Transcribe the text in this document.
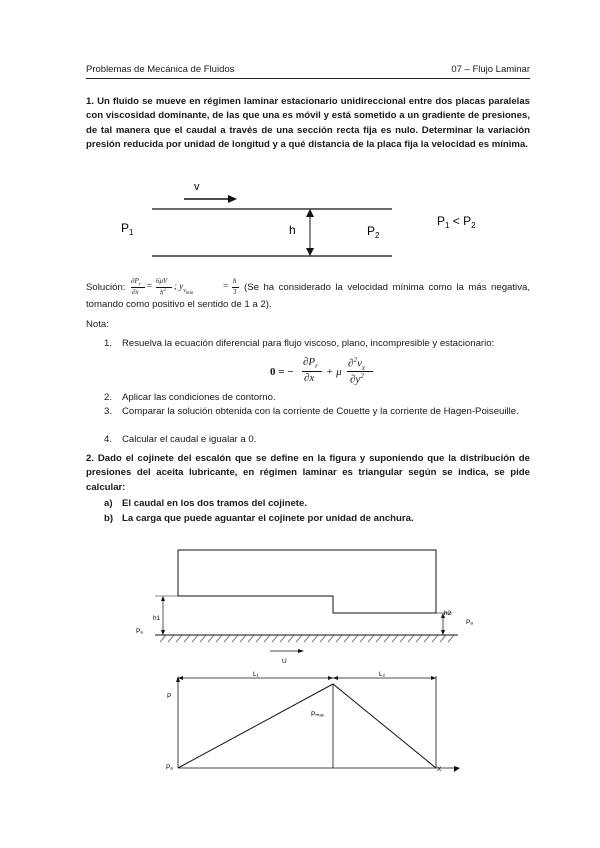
Problemas de Mecánica de Fluidos	07 – Flujo Laminar
1. Un fluido se mueve en régimen laminar estacionario unidireccional entre dos placas paralelas con viscosidad dominante, de las que una es móvil y está sometido a un gradiente de presiones, de tal manera que el caudal a través de una sección recta fija es nulo. Determinar la variación presión reducida por unidad de longitud y a qué distancia de la placa fija la velocidad es mínima.
v
h
$P_1$	$P_2$
$P_1 < P_2$
Solución:
$\partial P_r$
∂x
= 6μV
$h^2$ ; $y_{v_{mín}}$
= h
3 (Se ha considerado la velocidad mínima como la más negativa,
tomando como positivo el sentido de 1 a 2).
Nota:
1. Resuelva la ecuación diferencial para flujo viscoso, plano, incompresible y estacionario:
0 = −
$\partial P_r$
∂x + μ
$\partial^2v_x$
$\partial y^2$
2. Aplicar las condiciones de contorno.
3. Comparar la solución obtenida con la corriente de Couette y la corriente de Hagen-Poiseuille.
4. Calcular el caudal e igualar a 0.
2. Dado el cojinete del escalón que se define en la figura y suponiendo que la distribución de presiones del aceita lubricante, en régimen laminar es triangular según se indica, se pide calcular:
a) El caudal en los dos tramos del cojinete.
b) La carga que puede aguantar el cojinete por unidad de anchura.
h1
h2
Pₐ
Pₐ
U
P
X
Pₐ
L₁	L₂
Pₘₐₓ
